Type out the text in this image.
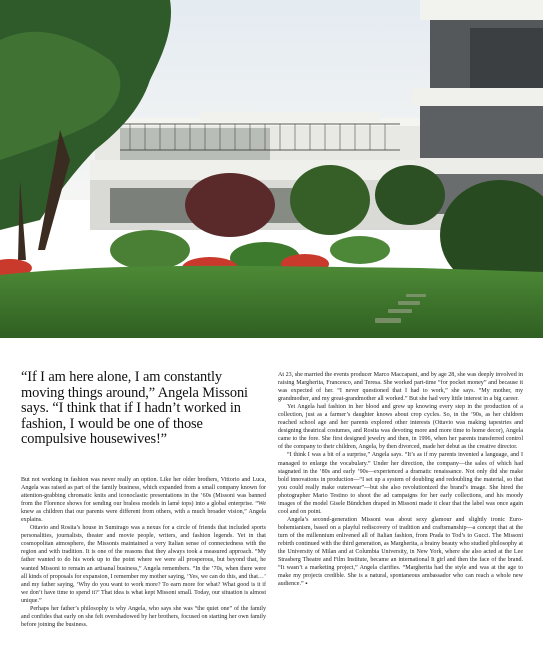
“If I am here alone, I am constantly moving things around,” Angela Missoni says. “I think that if I hadn’t worked in fashion, I would be one of those compulsive housewives!”

But not working in fashion was never really an option. Like her older brothers, Vittorio and Luca, Angela was raised as part of the family business, which expanded from a small company known for attention-grabbing chromatic knits and iconoclastic presentations in the ’60s (Missoni was banned from the Florence shows for sending our braless models in lamé tops) into a global enterprise. “We knew as children that our parents were different from others, with a much broader vision,” Angela explains.

Ottavio and Rosita’s house in Sumirago was a nexus for a circle of friends that included sports personalities, journalists, theater and movie people, writers, and fashion legends. Yet in that cosmopolitan atmosphere, the Missonis maintained a very Italian sense of connectedness with the region and with tradition. It is one of the reasons that they always took a measured approach. “My father wanted to do his work up to the point where we were all prosperous, but beyond that, he wanted Missoni to remain an artisanal business,” Angela remembers. “In the ’70s, when there were all kinds of proposals for expansion, I remember my mother saying, ‘Yes, we can do this, and that…’ and my father saying, ‘Why do you want to work more? To earn more for what? What good is it if we don’t have time to spend it?’ That idea is what kept Missoni small. Today, our situation is almost unique.”

Perhaps her father’s philosophy is why Angela, who says she was “the quiet one” of the family and confides that early on she felt overshadowed by her brothers, focused on starting her own family before joining the business.

At 23, she married the events producer Marco Maccapani, and by age 28, she was deeply involved in raising Margherita, Francesco, and Teresa. She worked part-time “for pocket money” and because it was expected of her. “I never questioned that I had to work,” she says. “My mother, my grandmother, and my great-grandmother all worked.” But she had very little interest in a big career.

Yet Angela had fashion in her blood and grew up knowing every step in the production of a collection, just as a farmer’s daughter knows about crop cycles. So, in the ’90s, as her children reached school age and her parents explored other interests (Ottavio was making tapestries and designing theatrical costumes, and Rosita was devoting more and more time to home decor), Angela came to the fore. She first designed jewelry and then, in 1996, when her parents transferred control of the company to their children, Angela, by then divorced, made her debut as the creative director.

“I think I was a bit of a surprise,” Angela says. “It’s as if my parents invented a language, and I managed to enlarge the vocabulary.” Under her direction, the company—the sales of which had stagnated in the ’80s and early ’90s—experienced a dramatic renaissance. Not only did she make bold innovations in production—“I set up a system of doubling and redoubling the material, so that you could really make outerwear”—but she also revolutionized the brand’s image. She hired the photographer Mario Testino to shoot the ad campaigns for her early collections, and his moody images of the model Gisele Bündchen draped in Missoni made it clear that the label was once again cool and on point.

Angela’s second-generation Missoni was about sexy glamour and slightly ironic Euro-bohemianism, based on a playful rediscovery of tradition and craftsmanship—a concept that at the turn of the millennium enlivened all of Italian fashion, from Prada to Tod’s to Gucci. The Missoni rebirth continued with the third generation, as Margherita, a brainy beauty who studied philosophy at the University of Milan and at Columbia University, in New York, where she also acted at the Lee Strasberg Theatre and Film Institute, became an international It girl and then the face of the brand. “It wasn’t a marketing project,” Angela clarifies. “Margherita had the style and was at the age to make my projects credible. She is a natural, spontaneous ambassador who can reach a whole new audience.” ▪
